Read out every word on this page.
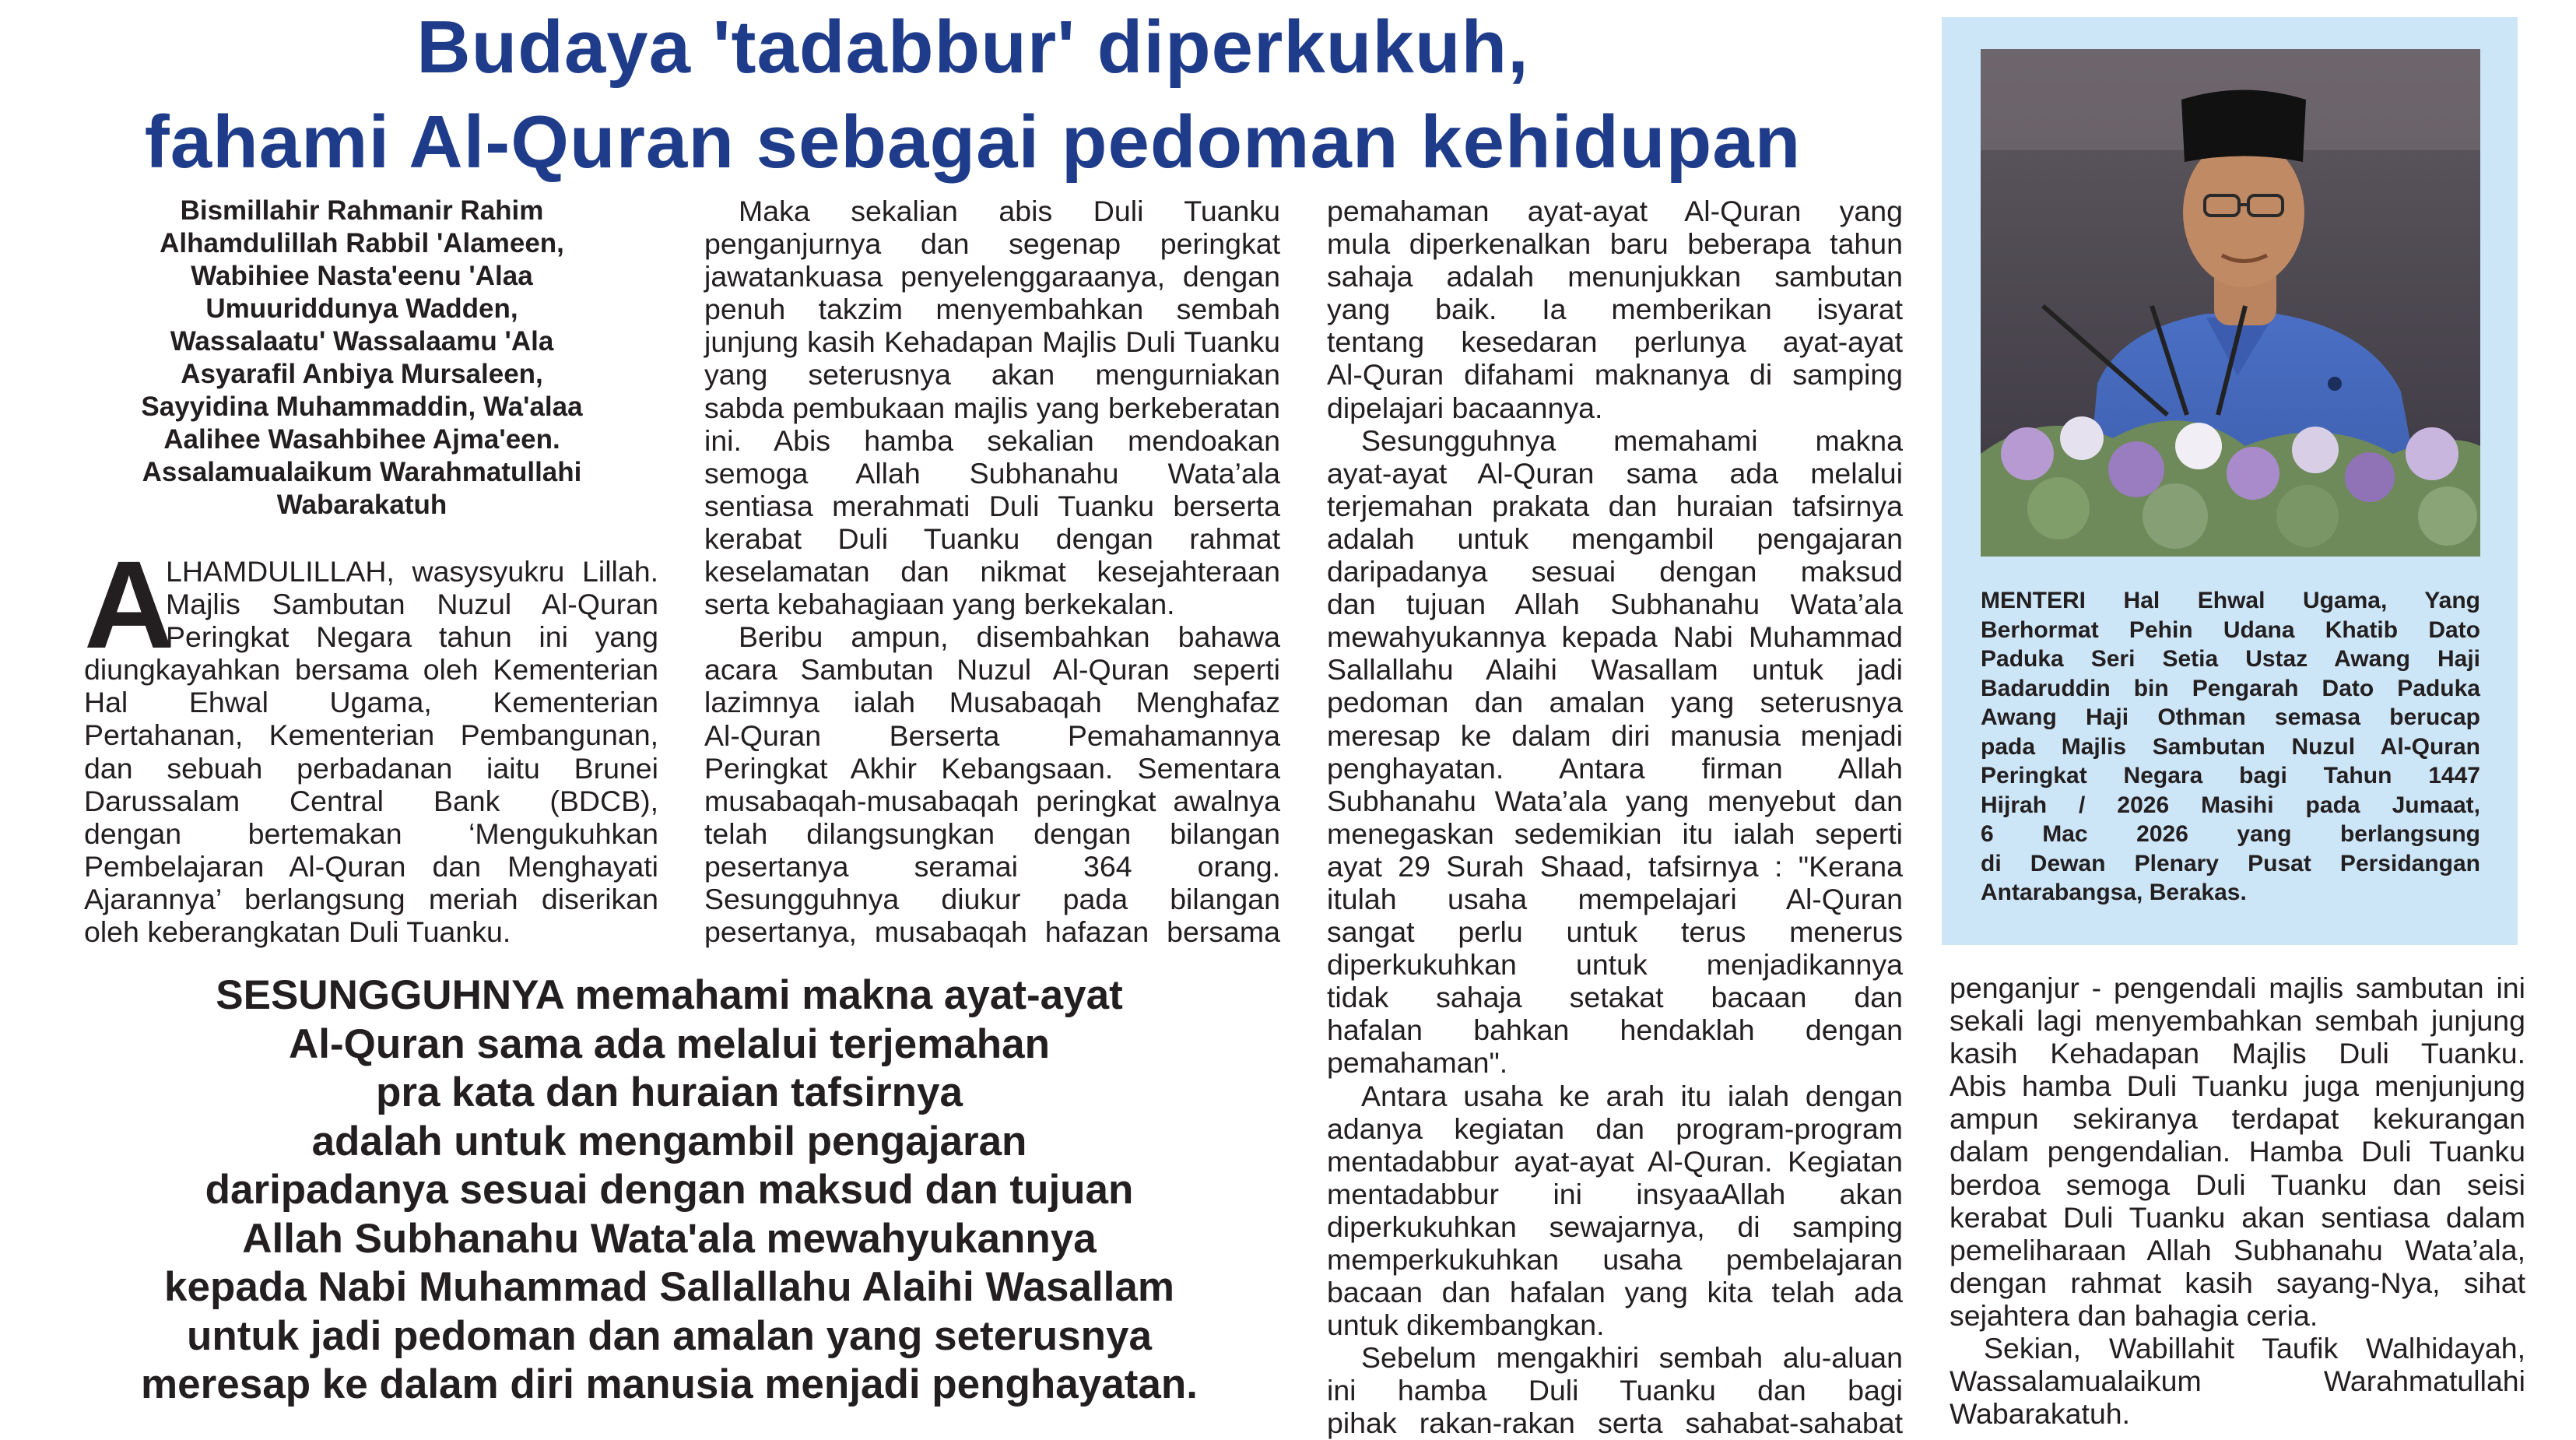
Budaya 'tadabbur' diperkukuh,
fahami Al-Quran sebagai pedoman kehidupan
Bismillahir Rahmanir Rahim
Alhamdulillah Rabbil 'Alameen,
Wabihiee Nasta'eenu 'Alaa
Umuuriddunya Wadden,
Wassalaatu' Wassalaamu 'Ala
Asyarafil Anbiya Mursaleen,
Sayyidina Muhammaddin, Wa'alaa
Aalihee Wasahbihee Ajma'een.
Assalamualaikum Warahmatullahi
Wabarakatuh
A
LHAMDULILLAH, wasysyukru Lillah.
Majlis Sambutan Nuzul Al-Quran
Peringkat Negara tahun ini yang
diungkayahkan bersama oleh Kementerian
Hal Ehwal Ugama, Kementerian
Pertahanan, Kementerian Pembangunan,
dan sebuah perbadanan iaitu Brunei
Darussalam Central Bank (BDCB),
dengan bertemakan ‘Mengukuhkan
Pembelajaran Al-Quran dan Menghayati
Ajarannya’ berlangsung meriah diserikan
oleh keberangkatan Duli Tuanku.
Maka sekalian abis Duli Tuanku
penganjurnya dan segenap peringkat
jawatankuasa penyelenggaraanya, dengan
penuh takzim menyembahkan sembah
junjung kasih Kehadapan Majlis Duli Tuanku
yang seterusnya akan mengurniakan
sabda pembukaan majlis yang berkeberatan
ini. Abis hamba sekalian mendoakan
semoga Allah Subhanahu Wata’ala
sentiasa merahmati Duli Tuanku berserta
kerabat Duli Tuanku dengan rahmat
keselamatan dan nikmat kesejahteraan
serta kebahagiaan yang berkekalan.
Beribu ampun, disembahkan bahawa
acara Sambutan Nuzul Al-Quran seperti
lazimnya ialah Musabaqah Menghafaz
Al-Quran Berserta Pemahamannya
Peringkat Akhir Kebangsaan. Sementara
musabaqah-musabaqah peringkat awalnya
telah dilangsungkan dengan bilangan
pesertanya seramai 364 orang.
Sesungguhnya diukur pada bilangan
pesertanya, musabaqah hafazan bersama
pemahaman ayat-ayat Al-Quran yang
mula diperkenalkan baru beberapa tahun
sahaja adalah menunjukkan sambutan
yang baik. Ia memberikan isyarat
tentang kesedaran perlunya ayat-ayat
Al-Quran difahami maknanya di samping
dipelajari bacaannya.
Sesungguhnya memahami makna
ayat-ayat Al-Quran sama ada melalui
terjemahan prakata dan huraian tafsirnya
adalah untuk mengambil pengajaran
daripadanya sesuai dengan maksud
dan tujuan Allah Subhanahu Wata’ala
mewahyukannya kepada Nabi Muhammad
Sallallahu Alaihi Wasallam untuk jadi
pedoman dan amalan yang seterusnya
meresap ke dalam diri manusia menjadi
penghayatan. Antara firman Allah
Subhanahu Wata’ala yang menyebut dan
menegaskan sedemikian itu ialah seperti
ayat 29 Surah Shaad, tafsirnya : "Kerana
itulah usaha mempelajari Al-Quran
sangat perlu untuk terus menerus
diperkukuhkan untuk menjadikannya
tidak sahaja setakat bacaan dan
hafalan bahkan hendaklah dengan
pemahaman".
Antara usaha ke arah itu ialah dengan
adanya kegiatan dan program-program
mentadabbur ayat-ayat Al-Quran. Kegiatan
mentadabbur ini insyaaAllah akan
diperkukuhkan sewajarnya, di samping
memperkukuhkan usaha pembelajaran
bacaan dan hafalan yang kita telah ada
untuk dikembangkan.
Sebelum mengakhiri sembah alu-aluan
ini hamba Duli Tuanku dan bagi
pihak rakan-rakan serta sahabat-sahabat
penganjur - pengendali majlis sambutan ini
sekali lagi menyembahkan sembah junjung
kasih Kehadapan Majlis Duli Tuanku.
Abis hamba Duli Tuanku juga menjunjung
ampun sekiranya terdapat kekurangan
dalam pengendalian. Hamba Duli Tuanku
berdoa semoga Duli Tuanku dan seisi
kerabat Duli Tuanku akan sentiasa dalam
pemeliharaan Allah Subhanahu Wata’ala,
dengan rahmat kasih sayang-Nya, sihat
sejahtera dan bahagia ceria.
Sekian, Wabillahit Taufik Walhidayah,
Wassalamualaikum Warahmatullahi
Wabarakatuh.
SESUNGGUHNYA memahami makna ayat-ayat
Al-Quran sama ada melalui terjemahan
pra kata dan huraian tafsirnya
adalah untuk mengambil pengajaran
daripadanya sesuai dengan maksud dan tujuan
Allah Subhanahu Wata'ala mewahyukannya
kepada Nabi Muhammad Sallallahu Alaihi Wasallam
untuk jadi pedoman dan amalan yang seterusnya
meresap ke dalam diri manusia menjadi penghayatan.
MENTERI Hal Ehwal Ugama, Yang
Berhormat Pehin Udana Khatib Dato
Paduka Seri Setia Ustaz Awang Haji
Badaruddin bin Pengarah Dato Paduka
Awang Haji Othman semasa berucap
pada Majlis Sambutan Nuzul Al-Quran
Peringkat Negara bagi Tahun 1447
Hijrah / 2026 Masihi pada Jumaat,
6 Mac 2026 yang berlangsung
di Dewan Plenary Pusat Persidangan
Antarabangsa, Berakas.
